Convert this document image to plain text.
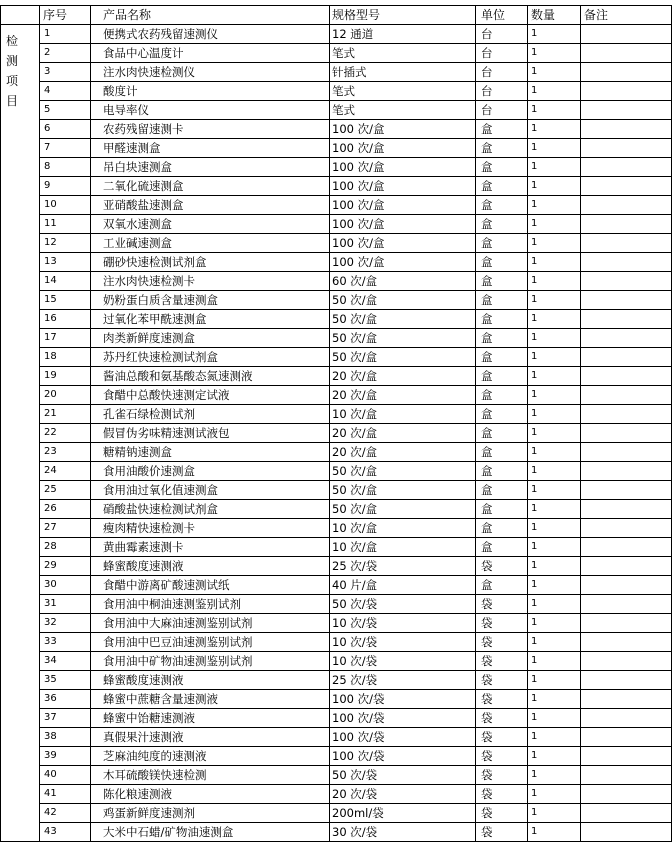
	序号	产品名称	规格型号	单位	数量	备注

检
测
项
目	1	便携式农药残留速测仪	12 通道	台	1	
	2	食品中心温度计	笔式	台	1	
	3	注水肉快速检测仪	针插式	台	1	
	4	酸度计	笔式	台	1	
	5	电导率仪	笔式	台	1	
	6	农药残留速测卡	100 次/盒	盒	1	
	7	甲醛速测盒	100 次/盒	盒	1	
	8	吊白块速测盒	100 次/盒	盒	1	
	9	二氧化硫速测盒	100 次/盒	盒	1	
	10	亚硝酸盐速测盒	100 次/盒	盒	1	
	11	双氧水速测盒	100 次/盒	盒	1	
	12	工业碱速测盒	100 次/盒	盒	1	
	13	硼砂快速检测试剂盒	100 次/盒	盒	1	
	14	注水肉快速检测卡	60 次/盒	盒	1	
	15	奶粉蛋白质含量速测盒	50 次/盒	盒	1	
	16	过氧化苯甲酰速测盒	50 次/盒	盒	1	
	17	肉类新鲜度速测盒	50 次/盒	盒	1	
	18	苏丹红快速检测试剂盒	50 次/盒	盒	1	
	19	酱油总酸和氨基酸态氮速测液	20 次/盒	盒	1	
	20	食醋中总酸快速测定试液	20 次/盒	盒	1	
	21	孔雀石绿检测试剂	10 次/盒	盒	1	
	22	假冒伪劣味精速测试液包	20 次/盒	盒	1	
	23	糖精钠速测盒	20 次/盒	盒	1	
	24	食用油酸价速测盒	50 次/盒	盒	1	
	25	食用油过氧化值速测盒	50 次/盒	盒	1	
	26	硝酸盐快速检测试剂盒	50 次/盒	盒	1	
	27	瘦肉精快速检测卡	10 次/盒	盒	1	
	28	黄曲霉素速测卡	10 次/盒	盒	1	
	29	蜂蜜酸度速测液	25 次/袋	袋	1	
	30	食醋中游离矿酸速测试纸	40 片/盒	盒	1	
	31	食用油中桐油速测鉴别试剂	50 次/袋	袋	1	
	32	食用油中大麻油速测鉴别试剂	10 次/袋	袋	1	
	33	食用油中巴豆油速测鉴别试剂	10 次/袋	袋	1	
	34	食用油中矿物油速测鉴别试剂	10 次/袋	袋	1	
	35	蜂蜜酸度速测液	25 次/袋	袋	1	
	36	蜂蜜中蔗糖含量速测液	100 次/袋	袋	1	
	37	蜂蜜中饴糖速测液	100 次/袋	袋	1	
	38	真假果汁速测液	100 次/袋	袋	1	
	39	芝麻油纯度的速测液	100 次/袋	袋	1	
	40	木耳硫酸镁快速检测	50 次/袋	袋	1	
	41	陈化粮速测液	20 次/袋	袋	1	
	42	鸡蛋新鲜度速测剂	200ml/袋	袋	1	
	43	大米中石蜡/矿物油速测盒	30 次/袋	袋	1	
